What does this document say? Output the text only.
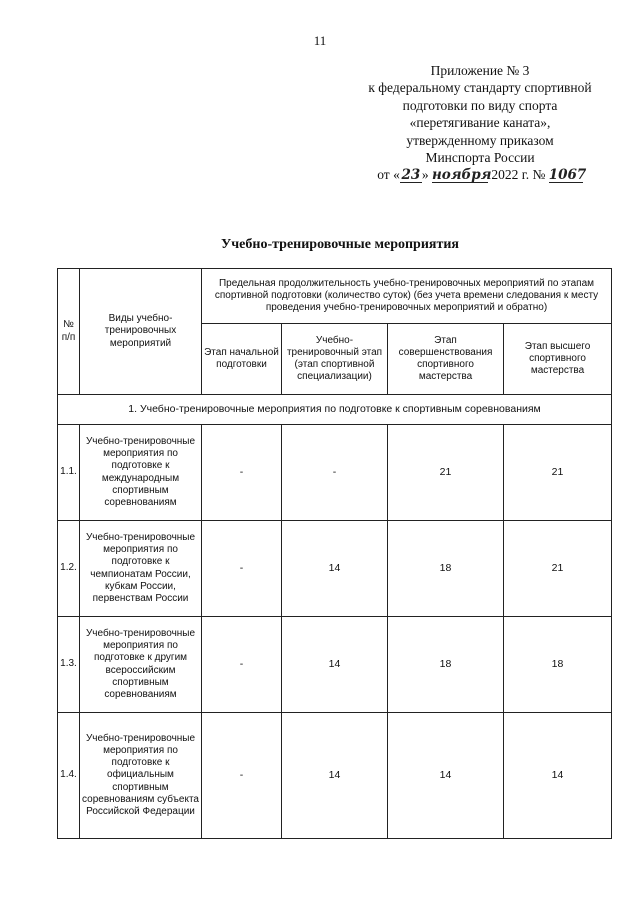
11
Приложение № 3
к федеральному стандарту спортивной
подготовки по виду спорта
«перетягивание каната»,
утвержденному приказом
Минспорта России
от « 23 » ноября 2022 г. № 1067
Учебно-тренировочные мероприятия
№ п/п	Виды учебно-тренировочных мероприятий	Предельная продолжительность учебно-тренировочных мероприятий по этапам спортивной подготовки (количество суток) (без учета времени следования к месту проведения учебно-тренировочных мероприятий и обратно)			
		Этап начальной подготовки	Учебно-тренировочный этап (этап спортивной специализации)	Этап совершенствования спортивного мастерства	Этап высшего спортивного мастерства
1. Учебно-тренировочные мероприятия по подготовке к спортивным соревнованиям					
1.1.	Учебно-тренировочные мероприятия по подготовке к международным спортивным соревнованиям	-	-	21	21
1.2.	Учебно-тренировочные мероприятия по подготовке к чемпионатам России, кубкам России, первенствам России	-	14	18	21
1.3.	Учебно-тренировочные мероприятия по подготовке к другим всероссийским спортивным соревнованиям	-	14	18	18
1.4.	Учебно-тренировочные мероприятия по подготовке к официальным спортивным соревнованиям субъекта Российской Федерации	-	14	14	14
